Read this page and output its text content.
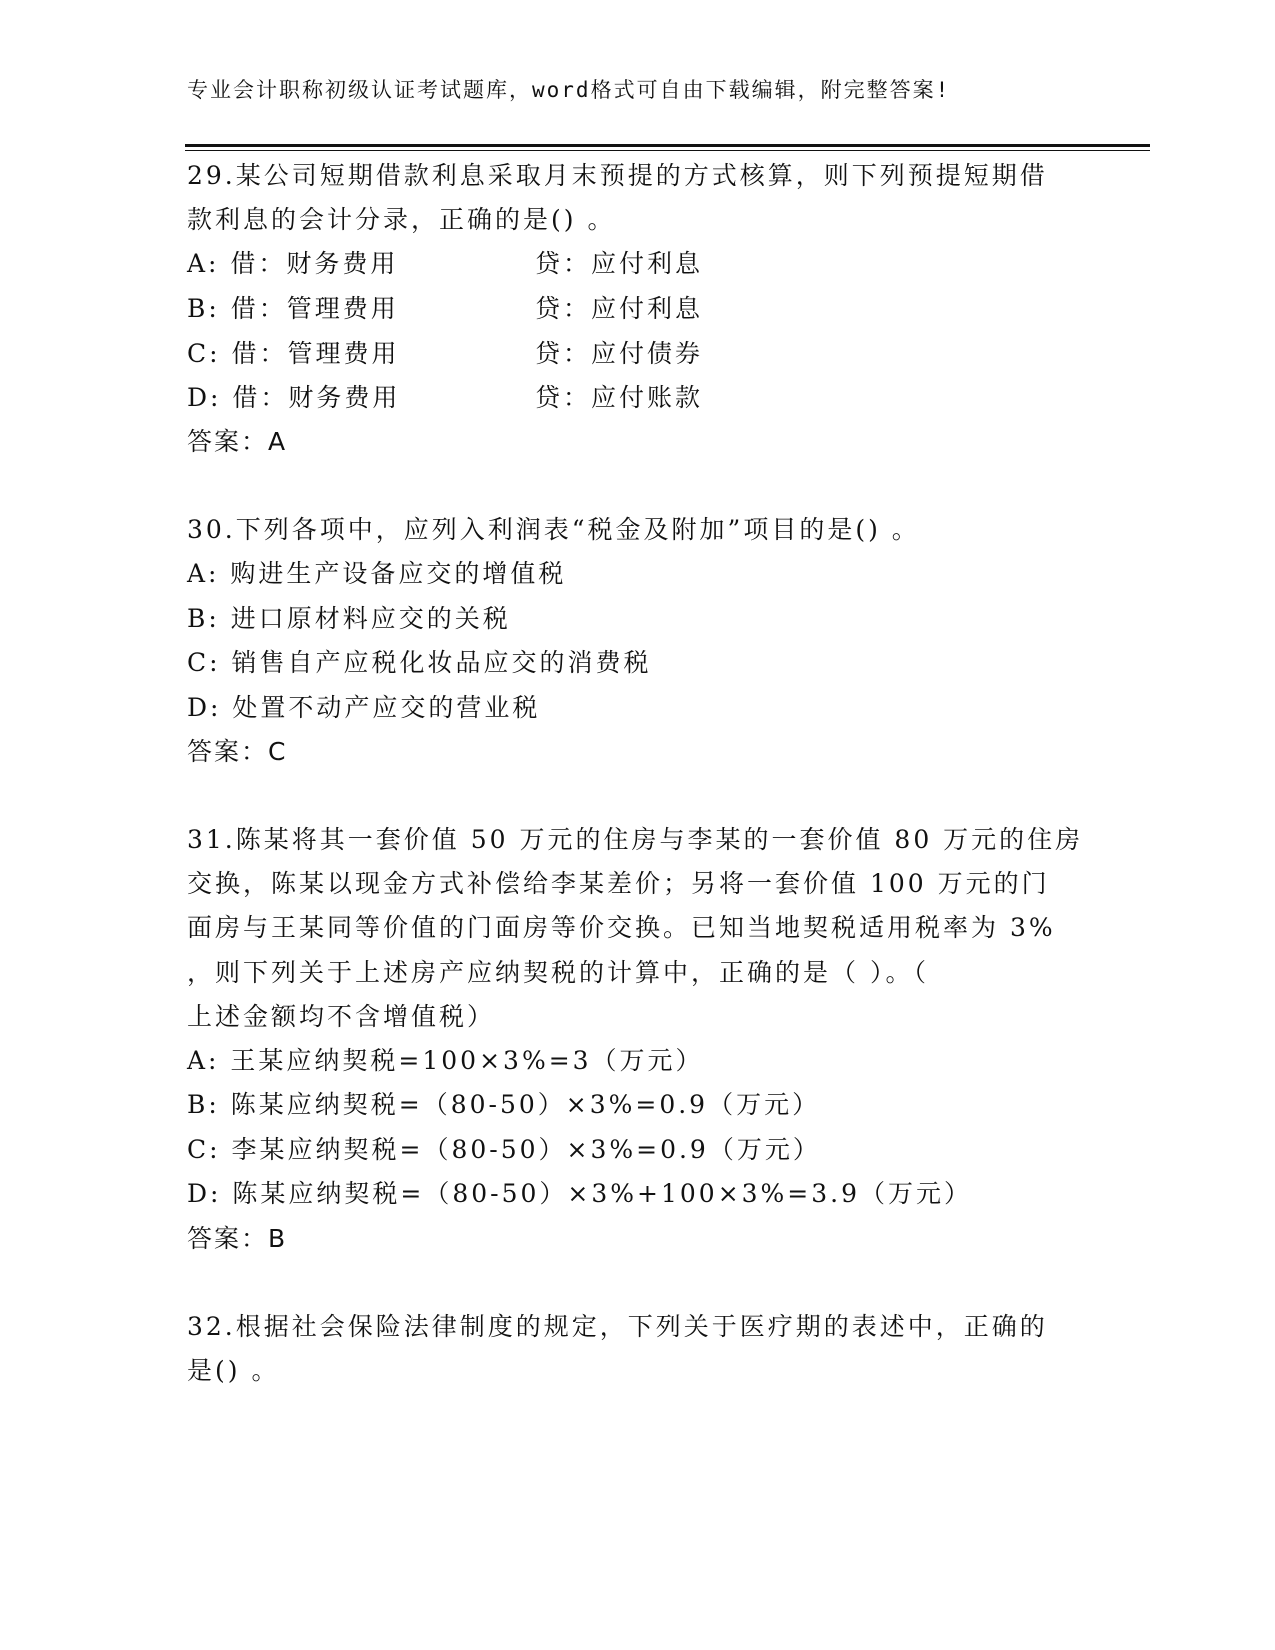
专业会计职称初级认证考试题库，word格式可自由下载编辑，附完整答案!
29.某公司短期借款利息采取月末预提的方式核算，则下列预提短期借
款利息的会计分录，正确的是() 。
A: 借：财务费用	贷：应付利息
B: 借：管理费用	贷：应付利息
C: 借：管理费用	贷：应付债券
D: 借：财务费用	贷：应付账款
答案：A
30.下列各项中，应列入利润表“税金及附加”项目的是() 。
A: 购进生产设备应交的增值税
B: 进口原材料应交的关税
C: 销售自产应税化妆品应交的消费税
D: 处置不动产应交的营业税
答案：C
31.陈某将其一套价值 50 万元的住房与李某的一套价值 80 万元的住房
交换，陈某以现金方式补偿给李某差价；另将一套价值 100 万元的门
面房与王某同等价值的门面房等价交换。已知当地契税适用税率为 3%
，则下列关于上述房产应纳契税的计算中，正确的是（ ）。（
上述金额均不含增值税）
A: 王某应纳契税=100×3%=3（万元）
B: 陈某应纳契税=（80-50）×3%=0.9（万元）
C: 李某应纳契税=（80-50）×3%=0.9（万元）
D: 陈某应纳契税=（80-50）×3%+100×3%=3.9（万元）
答案：B
32.根据社会保险法律制度的规定，下列关于医疗期的表述中，正确的
是() 。
